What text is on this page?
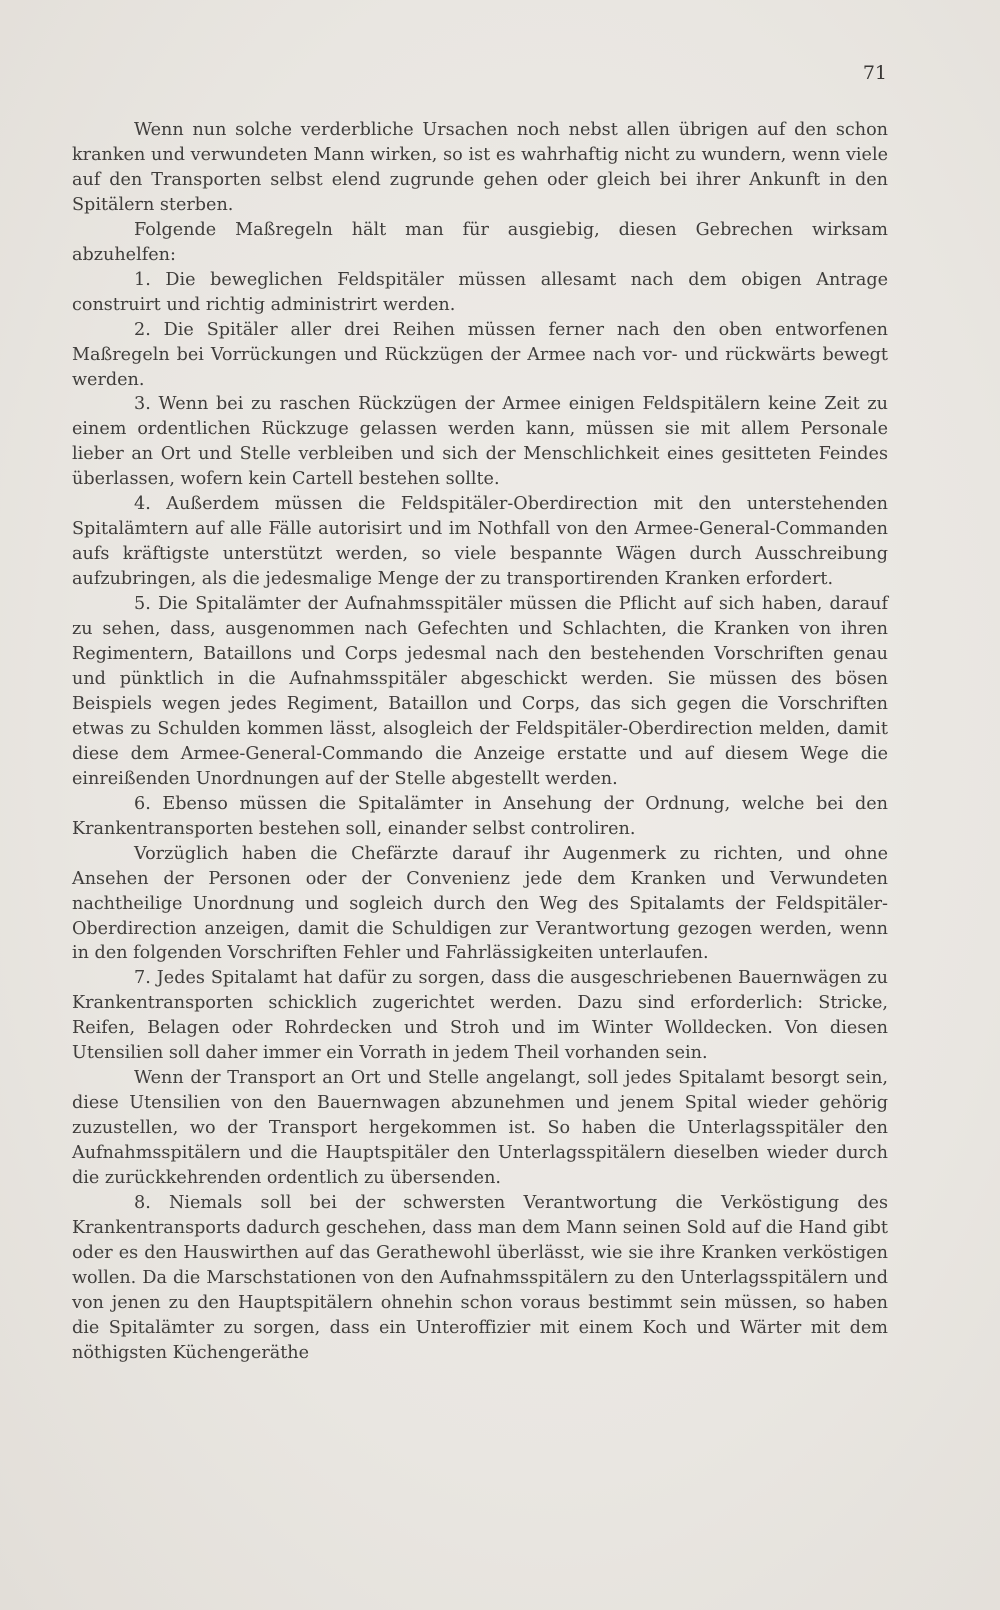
71

Wenn nun solche verderbliche Ursachen noch nebst allen übrigen auf den schon kranken und verwundeten Mann wirken, so ist es wahrhaftig nicht zu wundern, wenn viele auf den Transporten selbst elend zugrunde gehen oder gleich bei ihrer Ankunft in den Spitälern sterben.

Folgende Maßregeln hält man für ausgiebig, diesen Gebrechen wirksam abzuhelfen:

1. Die beweglichen Feldspitäler müssen allesamt nach dem obigen Antrage construirt und richtig administrirt werden.

2. Die Spitäler aller drei Reihen müssen ferner nach den oben entworfenen Maßregeln bei Vorrückungen und Rückzügen der Armee nach vor- und rückwärts bewegt werden.

3. Wenn bei zu raschen Rückzügen der Armee einigen Feldspitälern keine Zeit zu einem ordentlichen Rückzuge gelassen werden kann, müssen sie mit allem Personale lieber an Ort und Stelle verbleiben und sich der Menschlichkeit eines gesitteten Feindes überlassen, wofern kein Cartell bestehen sollte.

4. Außerdem müssen die Feldspitäler-Oberdirection mit den unterstehenden Spitalämtern auf alle Fälle autorisirt und im Nothfall von den Armee-General-Commanden aufs kräftigste unterstützt werden, so viele bespannte Wägen durch Ausschreibung aufzubringen, als die jedesmalige Menge der zu transportirenden Kranken erfordert.

5. Die Spitalämter der Aufnahmsspitäler müssen die Pflicht auf sich haben, darauf zu sehen, dass, ausgenommen nach Gefechten und Schlachten, die Kranken von ihren Regimentern, Bataillons und Corps jedesmal nach den bestehenden Vorschriften genau und pünktlich in die Aufnahmsspitäler abgeschickt werden. Sie müssen des bösen Beispiels wegen jedes Regiment, Bataillon und Corps, das sich gegen die Vorschriften etwas zu Schulden kommen lässt, alsogleich der Feldspitäler-Oberdirection melden, damit diese dem Armee-General-Commando die Anzeige erstatte und auf diesem Wege die einreißenden Unordnungen auf der Stelle abgestellt werden.

6. Ebenso müssen die Spitalämter in Ansehung der Ordnung, welche bei den Krankentransporten bestehen soll, einander selbst controliren.

Vorzüglich haben die Chefärzte darauf ihr Augenmerk zu richten, und ohne Ansehen der Personen oder der Convenienz jede dem Kranken und Verwundeten nachtheilige Unordnung und sogleich durch den Weg des Spitalamts der Feldspitäler-Oberdirection anzeigen, damit die Schuldigen zur Verantwortung gezogen werden, wenn in den folgenden Vorschriften Fehler und Fahrlässigkeiten unterlaufen.

7. Jedes Spitalamt hat dafür zu sorgen, dass die ausgeschriebenen Bauernwägen zu Krankentransporten schicklich zugerichtet werden. Dazu sind erforderlich: Stricke, Reifen, Belagen oder Rohrdecken und Stroh und im Winter Wolldecken. Von diesen Utensilien soll daher immer ein Vorrath in jedem Theil vorhanden sein.

Wenn der Transport an Ort und Stelle angelangt, soll jedes Spitalamt besorgt sein, diese Utensilien von den Bauernwagen abzunehmen und jenem Spital wieder gehörig zuzustellen, wo der Transport hergekommen ist. So haben die Unterlagsspitäler den Aufnahmsspitälern und die Hauptspitäler den Unterlagsspitälern dieselben wieder durch die zurückkehrenden ordentlich zu übersenden.

8. Niemals soll bei der schwersten Verantwortung die Verköstigung des Krankentransports dadurch geschehen, dass man dem Mann seinen Sold auf die Hand gibt oder es den Hauswirthen auf das Gerathewohl überlässt, wie sie ihre Kranken verköstigen wollen. Da die Marschstationen von den Aufnahmsspitälern zu den Unterlagsspitälern und von jenen zu den Hauptspitälern ohnehin schon voraus bestimmt sein müssen, so haben die Spitalämter zu sorgen, dass ein Unteroffizier mit einem Koch und Wärter mit dem nöthigsten Küchengeräthe
